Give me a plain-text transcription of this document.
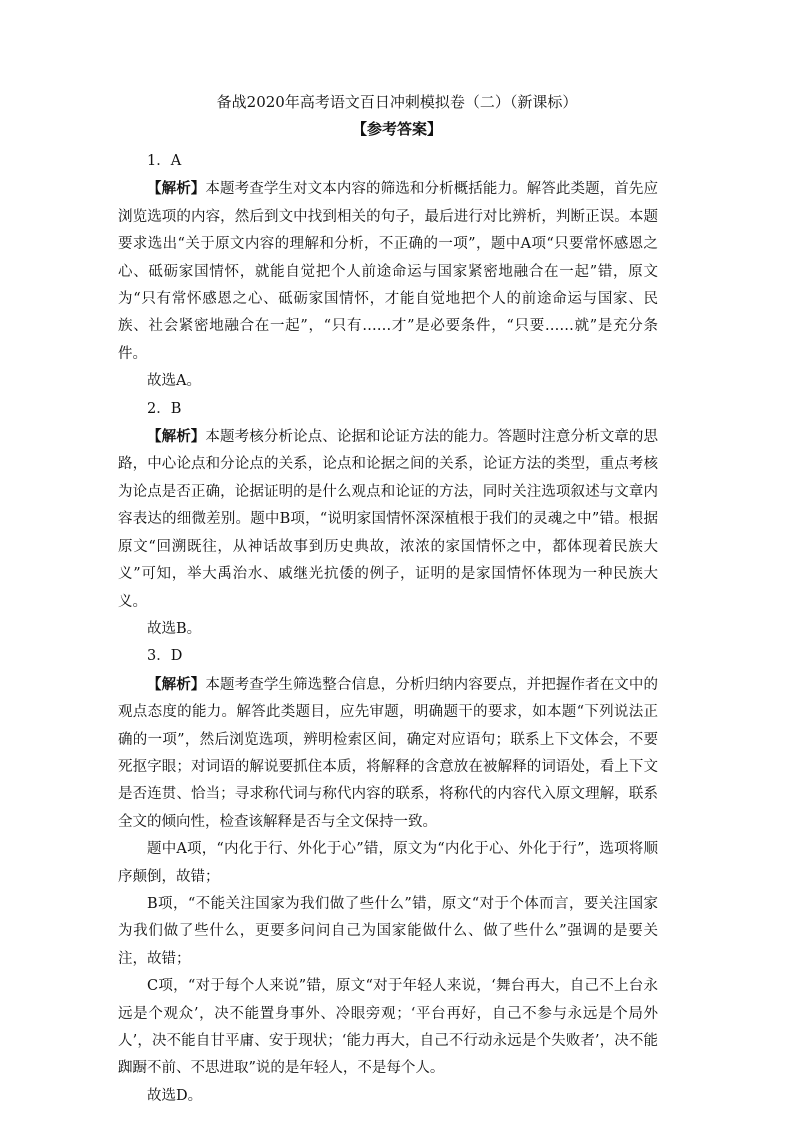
备战2020年高考语文百日冲刺模拟卷（二）（新课标）
【参考答案】

1．A

【解析】本题考查学生对文本内容的筛选和分析概括能力。解答此类题，首先应浏览选项的内容，然后到文中找到相关的句子，最后进行对比辨析，判断正误。本题要求选出“关于原文内容的理解和分析，不正确的一项”，题中A项“只要常怀感恩之心、砥砺家国情怀，就能自觉把个人前途命运与国家紧密地融合在一起”错，原文为“只有常怀感恩之心、砥砺家国情怀，才能自觉地把个人的前途命运与国家、民族、社会紧密地融合在一起”，“只有……才”是必要条件，“只要……就”是充分条件。

故选A。

2．B

【解析】本题考核分析论点、论据和论证方法的能力。答题时注意分析文章的思路，中心论点和分论点的关系，论点和论据之间的关系，论证方法的类型，重点考核为论点是否正确，论据证明的是什么观点和论证的方法，同时关注选项叙述与文章内容表达的细微差别。题中B项，“说明家国情怀深深植根于我们的灵魂之中”错。根据原文“回溯既往，从神话故事到历史典故，浓浓的家国情怀之中，都体现着民族大义”可知，举大禹治水、戚继光抗倭的例子，证明的是家国情怀体现为一种民族大义。

故选B。

3．D

【解析】本题考查学生筛选整合信息，分析归纳内容要点，并把握作者在文中的观点态度的能力。解答此类题目，应先审题，明确题干的要求，如本题“下列说法正确的一项”，然后浏览选项，辨明检索区间，确定对应语句；联系上下文体会，不要死抠字眼；对词语的解说要抓住本质，将解释的含意放在被解释的词语处，看上下文是否连贯、恰当；寻求称代词与称代内容的联系，将称代的内容代入原文理解，联系全文的倾向性，检查该解释是否与全文保持一致。

题中A项，“内化于行、外化于心”错，原文为“内化于心、外化于行”，选项将顺序颠倒，故错；

B项，“不能关注国家为我们做了些什么”错，原文“对于个体而言，要关注国家为我们做了些什么，更要多问问自己为国家能做什么、做了些什么”强调的是要关注，故错；

C项，“对于每个人来说”错，原文“对于年轻人来说，‘舞台再大，自己不上台永远是个观众’，决不能置身事外、冷眼旁观；‘平台再好，自己不参与永远是个局外人’，决不能自甘平庸、安于现状；‘能力再大，自己不行动永远是个失败者’，决不能踟蹰不前、不思进取”说的是年轻人，不是每个人。

故选D。
